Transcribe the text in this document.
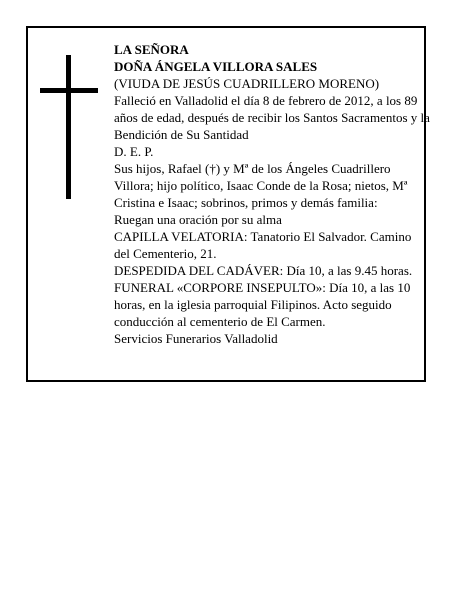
LA SEÑORA

DOÑA ÁNGELA VILLORA SALES

(VIUDA DE JESÚS CUADRILLERO MORENO)

Falleció en Valladolid el día 8 de febrero de 2012, a los 89 años de edad, después de recibir los Santos Sacramentos y la Bendición de Su Santidad

D. E. P.

Sus hijos, Rafael (†) y Mª de los Ángeles Cuadrillero Villora; hijo político, Isaac Conde de la Rosa; nietos, Mª Cristina e Isaac; sobrinos, primos y demás familia:

Ruegan una oración por su alma

CAPILLA VELATORIA: Tanatorio El Salvador. Camino del Cementerio, 21.

DESPEDIDA DEL CADÁVER: Día 10, a las 9.45 horas.

FUNERAL «CORPORE INSEPULTO»: Día 10, a las 10 horas, en la iglesia parroquial Filipinos. Acto seguido conducción al cementerio de El Carmen.

Servicios Funerarios Valladolid
